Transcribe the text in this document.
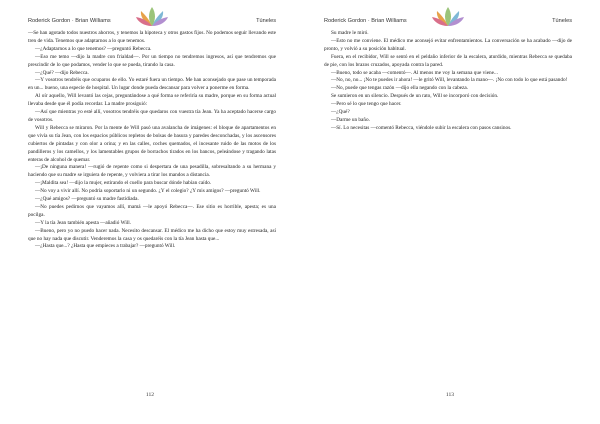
Roderick Gordon · Brian Williams	Túneles

—Se han agotado todos nuestros ahorros, y tenemos la hipoteca y otros gastos fijos. No podemos seguir llevando este tren de vida. Tenemos que adaptarnos a lo que tenemos.

—¿Adaptarnos a lo que tenemos? —preguntó Rebecca.

—Eso me temo —dijo la madre con frialdad—. Por un tiempo no tendremos ingresos, así que tendremos que prescindir de lo que podamos, vender lo que se pueda, tirando la casa.

—¿Qué? —dijo Rebecca.

—Y vosotros tendréis que ocuparos de ello. Yo estaré fuera un tiempo. Me han aconsejado que pase un temporada en un... bueno, una especie de hospital. Un lugar donde pueda descansar para volver a ponerme en forma.

Al oír aquello, Will levantó las cejas, preguntándose a qué forma se referiría su madre, porque en su forma actual llevaba desde que él podía recordar. La madre prosiguió:

—Así que mientras yo esté allí, vosotros tendréis que quedaros con vuestra tía Jean. Ya ha aceptado hacerse cargo de vosotros.

Will y Rebecca se miraron. Por la mente de Will pasó una avalancha de imágenes: el bloque de apartamentos en que vivía su tía Jean, con los espacios públicos repletos de bolsas de basura y paredes desconchadas, y los ascensores cubiertos de pintadas y con olor a orina; y en las calles, coches quemados, el incesante ruido de las motos de los pandilleros y los camellos, y los lamentables grupos de borrachos tirados en los bancos, peleándose y tragando latas enteras de alcohol de quemar.

—¡De ninguna manera! —rugió de repente como si despertara de una pesadilla, sobresaltando a su hermana y haciendo que su madre se irguiera de repente, y volviera a tirar los mandos a distancia.

—¡Maldita sea! —dijo la mujer, estirando el cuello para buscar dónde habían caído.

—No voy a vivir allí. No podría soportarlo ni un segundo. ¿Y el colegio? ¿Y mis amigos? —preguntó Will.

—¿Qué amigos? —preguntó su madre fastidiada.

—No puedes pedirnos que vayamos allí, mamá —le apoyó Rebecca—. Ese sitio es horrible, apesta; es una pocilga.

—Y la tía Jean también apesta —añadió Will.

—Bueno, pero yo no puedo hacer nada. Necesito descansar. El médico me ha dicho que estoy muy estresada, así que no hay nada que discutir. Venderemos la casa y os quedaréis con la tía Jean hasta que...

—¿Hasta que...? ¿Hasta que empieces a trabajar? —preguntó Will.

112
Roderick Gordon · Brian Williams	Túneles

Su madre le miró.

—Esto no me conviene. El médico me aconsejó evitar enfrentamientos. La conversación se ha acabado —dijo de pronto, y volvió a su posición habitual.

Fuera, en el recibidor, Will se sentó en el peldaño inferior de la escalera, aturdido, mientras Rebecca se quedaba de pie, con los brazos cruzados, apoyada contra la pared.

—Bueno, todo se acaba —comentó—. Al menos me voy la semana que viene...

—No, no, no... ¡No te puedes ir ahora! —le gritó Will, levantando la mano—. ¡No con todo lo que está pasando!

—No, puede que tengas razón —dijo ella negando con la cabeza.

Se sumieron en un silencio. Después de un rato, Will se incorporó con decisión.

—Pero sé lo que tengo que hacer.

—¿Qué?

—Darme un baño.

—Sí. Lo necesitas —comentó Rebecca, viéndole subir la escalera con pasos cansinos.

113
